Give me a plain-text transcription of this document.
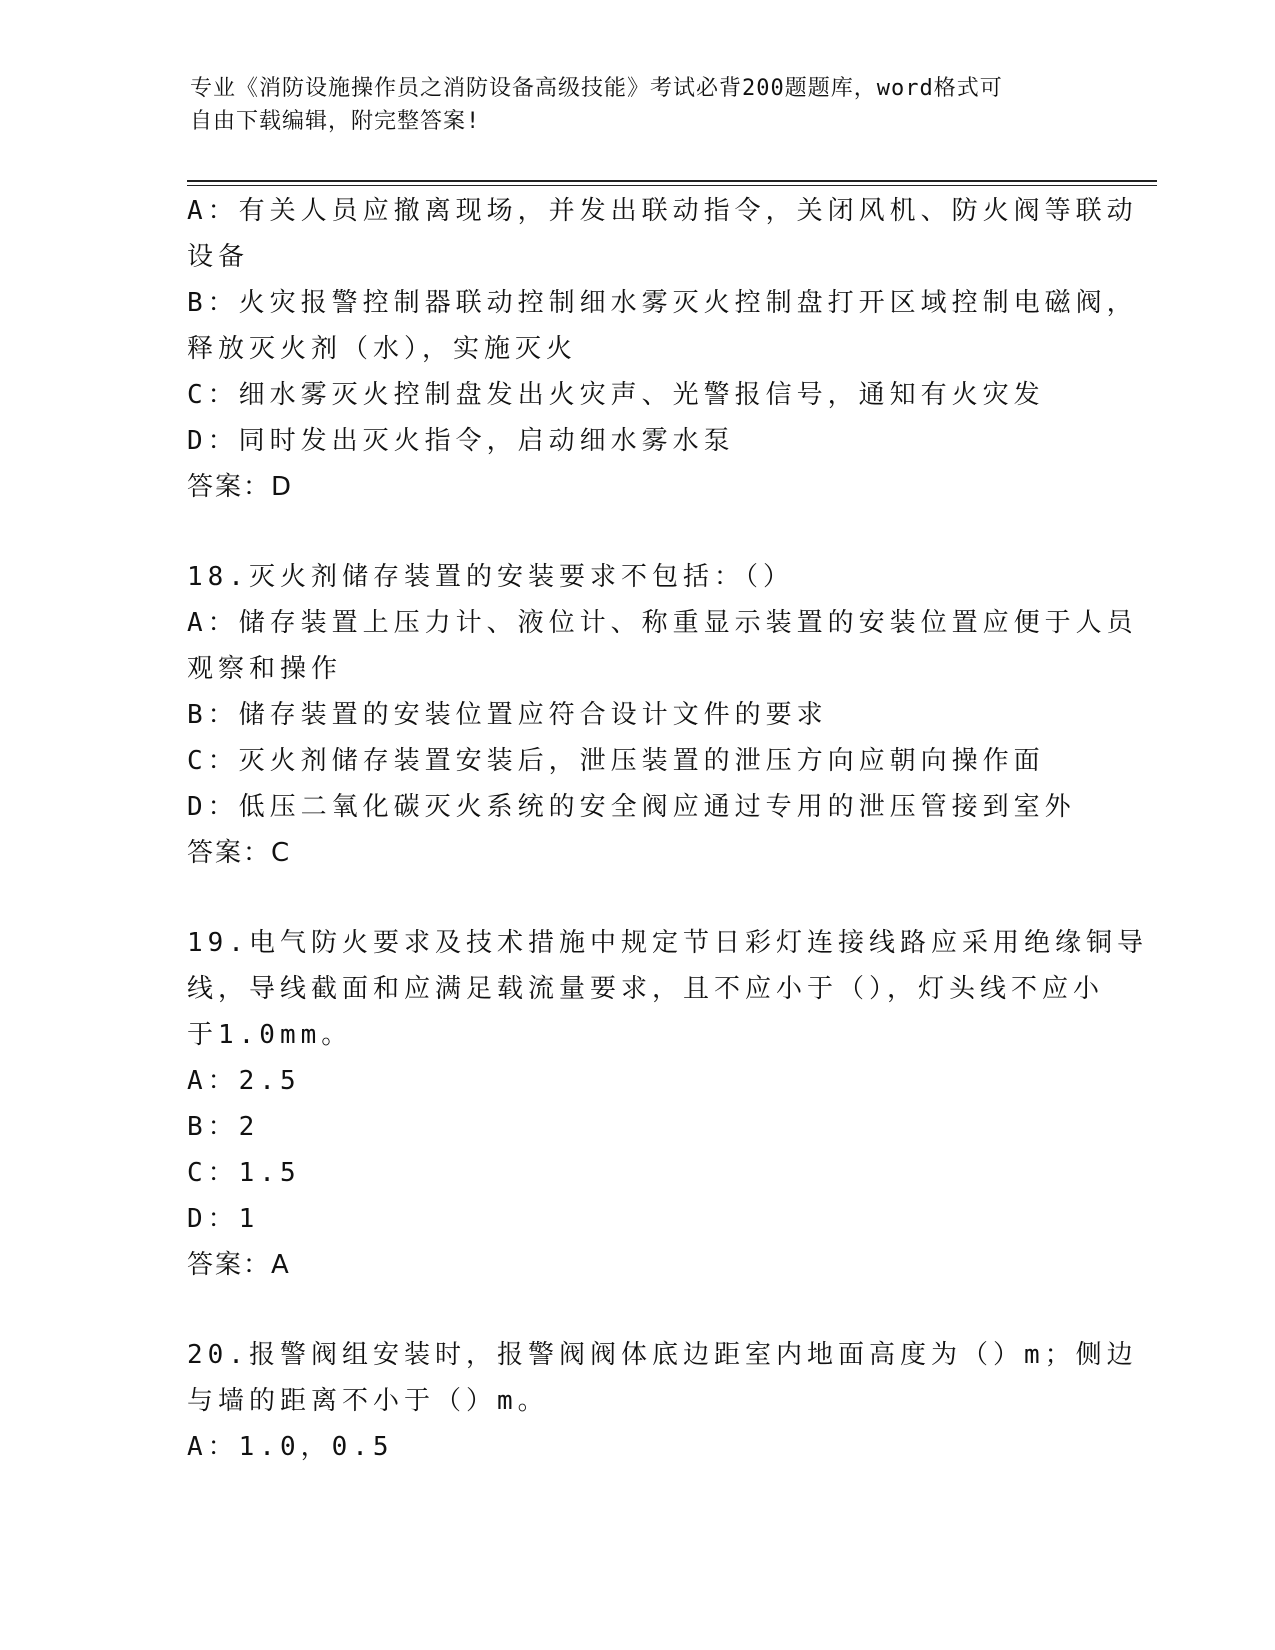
专业《消防设施操作员之消防设备高级技能》考试必背200题题库，word格式可
自由下载编辑，附完整答案!
A：有关人员应撤离现场，并发出联动指令，关闭风机、防火阀等联动
设备
B：火灾报警控制器联动控制细水雾灭火控制盘打开区域控制电磁阀，
释放灭火剂（水），实施灭火
C：细水雾灭火控制盘发出火灾声、光警报信号，通知有火灾发
D：同时发出灭火指令，启动细水雾水泵
答案：D
18.灭火剂储存装置的安装要求不包括：（）
A：储存装置上压力计、液位计、称重显示装置的安装位置应便于人员
观察和操作
B：储存装置的安装位置应符合设计文件的要求
C：灭火剂储存装置安装后，泄压装置的泄压方向应朝向操作面
D：低压二氧化碳灭火系统的安全阀应通过专用的泄压管接到室外
答案：C
19.电气防火要求及技术措施中规定节日彩灯连接线路应采用绝缘铜导
线，导线截面和应满足载流量要求，且不应小于（），灯头线不应小
于1.0mm。
A：2.5
B：2
C：1.5
D：1
答案：A
20.报警阀组安装时，报警阀阀体底边距室内地面高度为（）m；侧边
与墙的距离不小于（）m。
A：1.0，0.5
